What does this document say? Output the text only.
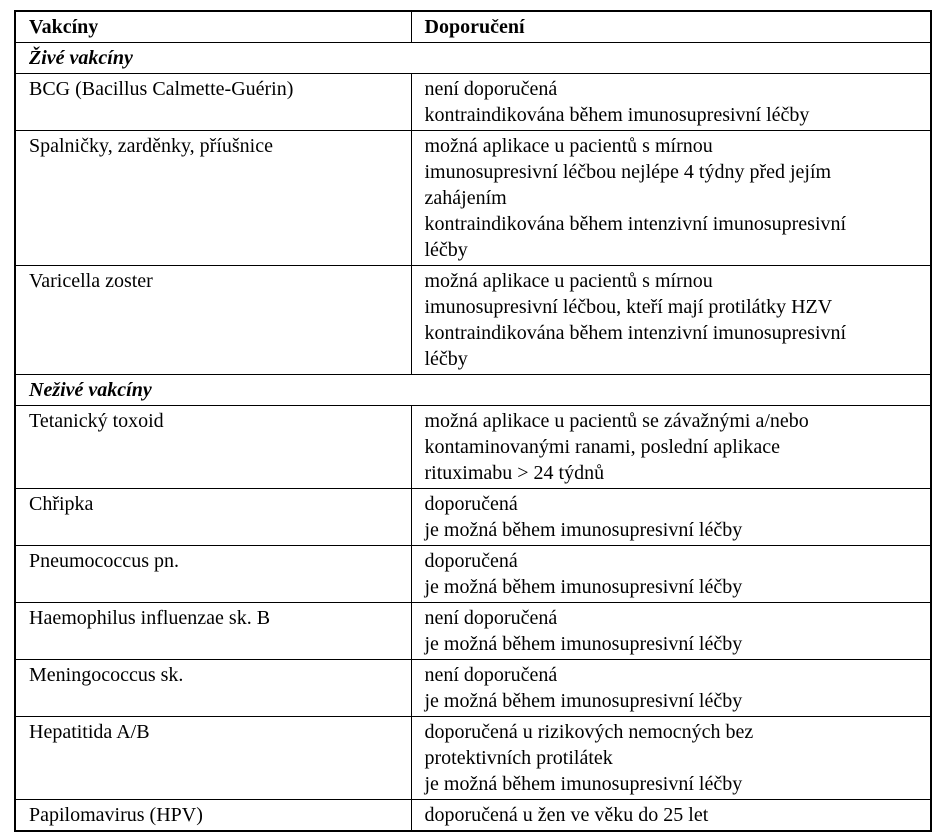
Vakcíny	Doporučení
Živé vakcíny	
BCG (Bacillus Calmette-Guérin)	není doporučená
kontraindikována během imunosupresivní léčby

Spalničky, zarděnky, příušnice	možná aplikace u pacientů s mírnou
imunosupresivní léčbou nejlépe 4 týdny před jejím
zahájením
kontraindikována během intenzivní imunosupresivní
léčby

Varicella zoster	možná aplikace u pacientů s mírnou
imunosupresivní léčbou, kteří mají protilátky HZV
kontraindikována během intenzivní imunosupresivní
léčby

Neživé vakcíny	
Tetanický toxoid	možná aplikace u pacientů se závažnými a/nebo
kontaminovanými ranami, poslední aplikace
rituximabu > 24 týdnů

Chřipka	doporučená
je možná během imunosupresivní léčby

Pneumococcus pn.	doporučená
je možná během imunosupresivní léčby

Haemophilus influenzae sk. B	není doporučená
je možná během imunosupresivní léčby

Meningococcus sk.	není doporučená
je možná během imunosupresivní léčby

Hepatitida A/B	doporučená u rizikových nemocných bez
protektivních protilátek
je možná během imunosupresivní léčby

Papilomavirus (HPV)	doporučená u žen ve věku do 25 let
